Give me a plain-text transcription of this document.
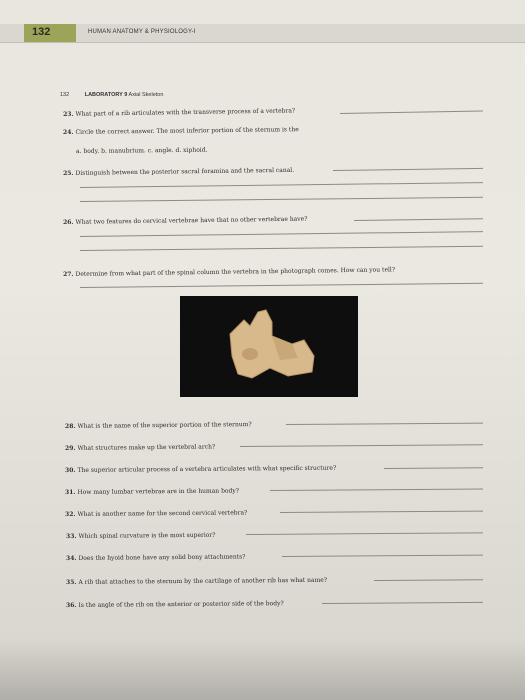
132	HUMAN ANATOMY & PHYSIOLOGY-I
132	LABORATORY 9 Axial Skeleton
23. What part of a rib articulates with the transverse process of a vertebra?
24. Circle the correct answer. The most inferior portion of the sternum is the
a. body. b. manubrium. c. angle. d. xiphoid.
25. Distinguish between the posterior sacral foramina and the sacral canal.
26. What two features do cervical vertebrae have that no other vertebrae have?
27. Determine from what part of the spinal column the vertebra in the photograph comes. How can you tell?
28. What is the name of the superior portion of the sternum?
29. What structures make up the vertebral arch?
30. The superior articular process of a vertebra articulates with what specific structure?
31. How many lumbar vertebrae are in the human body?
32. What is another name for the second cervical vertebra?
33. Which spinal curvature is the most superior?
34. Does the hyoid bone have any solid bony attachments?
35. A rib that attaches to the sternum by the cartilage of another rib has what name?
36. Is the angle of the rib on the anterior or posterior side of the body?
